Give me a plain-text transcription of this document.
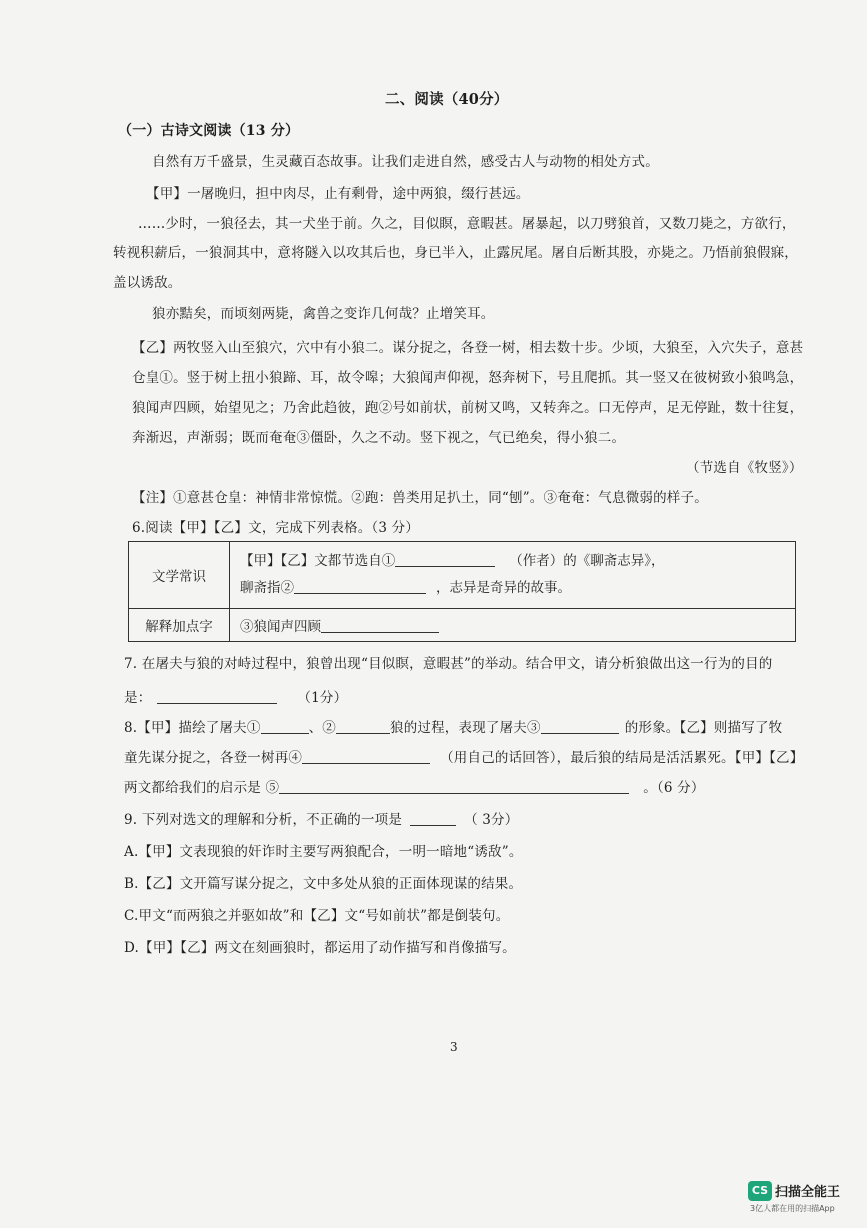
二、阅读（40分）
（一）古诗文阅读（13 分）
自然有万千盛景，生灵藏百态故事。让我们走进自然，感受古人与动物的相处方式。
【甲】一屠晚归，担中肉尽，止有剩骨，途中两狼，缀行甚远。
……少时，一狼径去，其一犬坐于前。久之，目似瞑，意暇甚。屠暴起，以刀劈狼首，又数刀毙之，方欲行，
转视积薪后，一狼洞其中，意将隧入以攻其后也，身已半入，止露尻尾。屠自后断其股，亦毙之。乃悟前狼假寐，
盖以诱敌。
狼亦黠矣，而顷刻两毙，禽兽之变诈几何哉？止增笑耳。
【乙】两牧竖入山至狼穴，穴中有小狼二。谋分捉之，各登一树，相去数十步。少顷，大狼至，入穴失子，意甚
仓皇①。竖于树上扭小狼蹄、耳，故令嗥；大狼闻声仰视，怒奔树下，号且爬抓。其一竖又在彼树致小狼鸣急，
狼闻声四顾，始望见之；乃舍此趋彼，跑②号如前状，前树又鸣，又转奔之。口无停声，足无停趾，数十往复，
奔渐迟，声渐弱；既而奄奄③僵卧，久之不动。竖下视之，气已绝矣，得小狼二。
（节选自《牧竖》）
【注】①意甚仓皇：神情非常惊慌。②跑：兽类用足扒土，同“刨”。③奄奄：气息微弱的样子。
6.阅读【甲】【乙】文，完成下列表格。（3 分）
文学常识	【甲】【乙】文都节选自① （作者）的《聊斋志异》，
聊斋指② ，志异是奇异的故事。

解释加点字	③狼闻声四顾
7. 在屠夫与狼的对峙过程中，狼曾出现“目似瞑，意暇甚”的举动。结合甲文，请分析狼做出这一行为的目的
是：	（1分）
8.【甲】描绘了屠夫①	、②	狼的过程，表现了屠夫③	的形象。【乙】则描写了牧
童先谋分捉之，各登一树再④	（用自己的话回答），最后狼的结局是活活累死。【甲】【乙】
两文都给我们的启示是 ⑤	。（6 分）
9. 下列对选文的理解和分析，不正确的一项是	（ 3分）
A.【甲】文表现狼的奸诈时主要写两狼配合，一明一暗地“诱敌”。
B.【乙】文开篇写谋分捉之，文中多处从狼的正面体现谋的结果。
C.甲文“而两狼之并驱如故”和【乙】文“号如前状”都是倒装句。
D.【甲】【乙】两文在刻画狼时，都运用了动作描写和肖像描写。
3
CS 扫描全能王
3亿人都在用的扫描App
